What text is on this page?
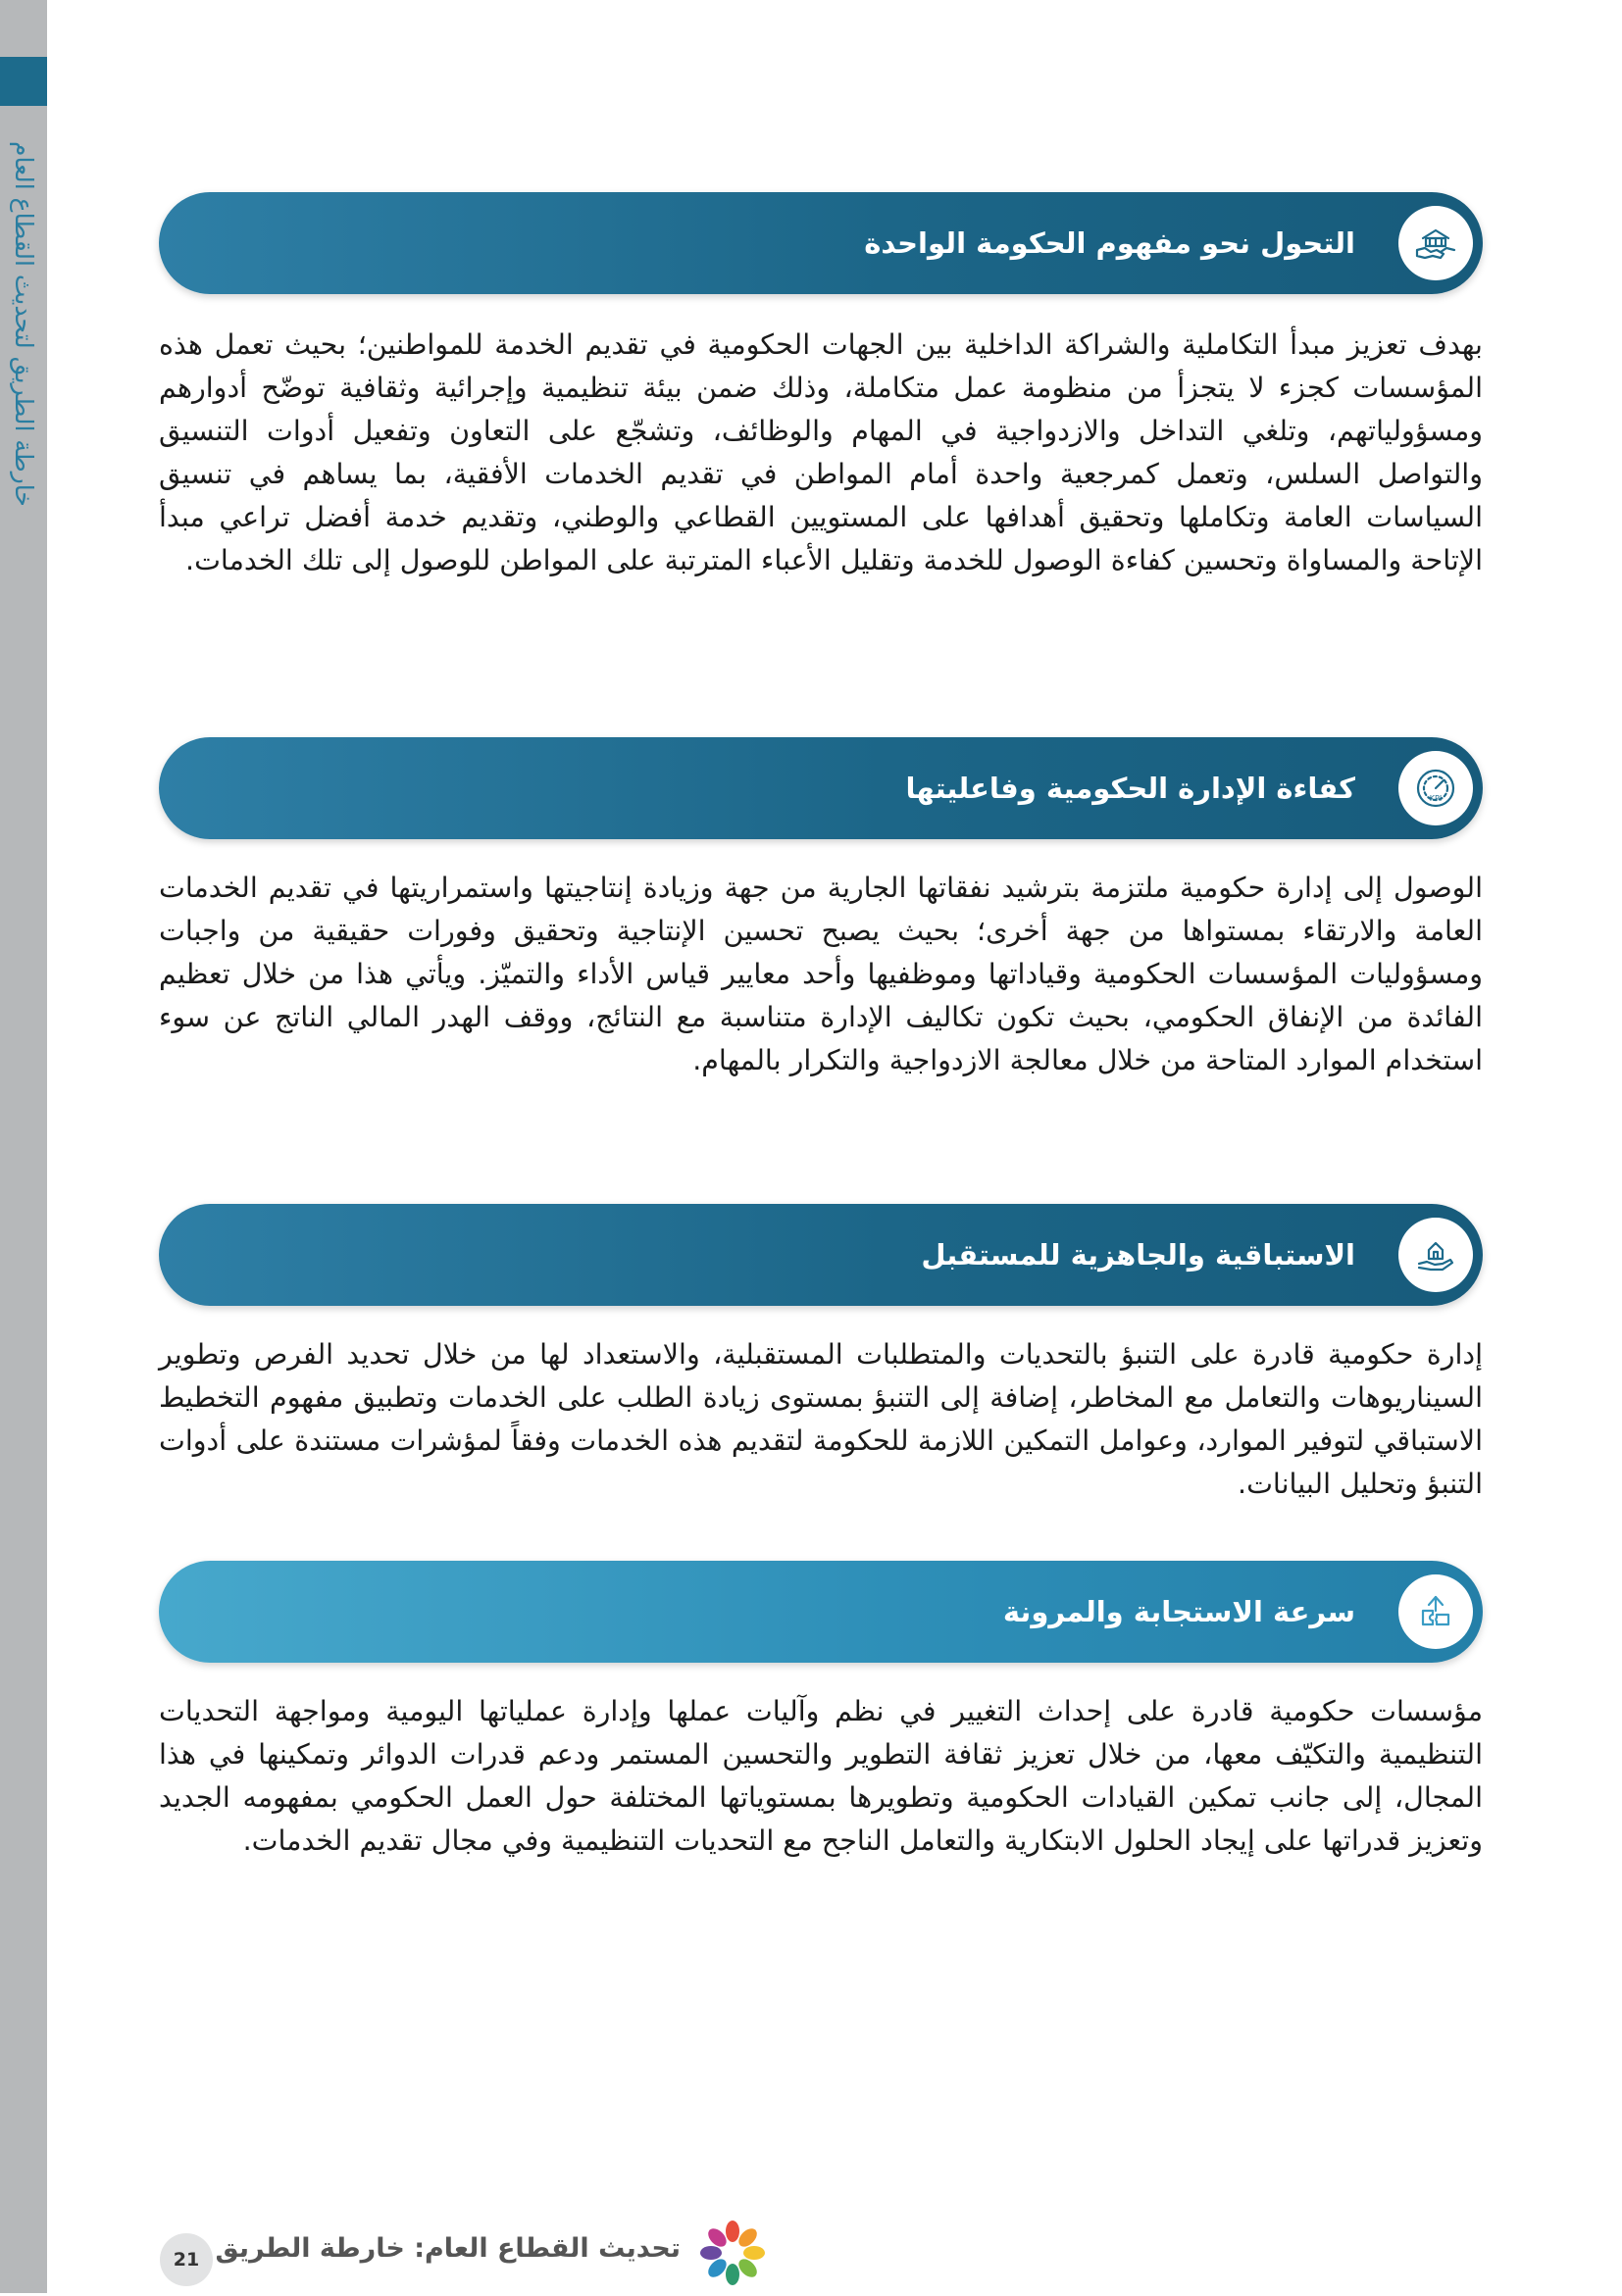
خارطة الطريق لتحديث القطاع العام	التحول نحو مفهوم الحكومة الواحدة

بهدف تعزيز مبدأ التكاملية والشراكة الداخلية بين الجهات الحكومية في تقديم الخدمة للمواطنين؛ بحيث تعمل هذه المؤسسات كجزء لا يتجزأ من منظومة عمل متكاملة، وذلك ضمن بيئة تنظيمية وإجرائية وثقافية توضّح أدوارهم ومسؤولياتهم، وتلغي التداخل والازدواجية في المهام والوظائف، وتشجّع على التعاون وتفعيل أدوات التنسيق والتواصل السلس، وتعمل كمرجعية واحدة أمام المواطن في تقديم الخدمات الأفقية، بما يساهم في تنسيق السياسات العامة وتكاملها وتحقيق أهدافها على المستويين القطاعي والوطني، وتقديم خدمة أفضل تراعي مبدأ الإتاحة والمساواة وتحسين كفاءة الوصول للخدمة وتقليل الأعباء المترتبة على المواطن للوصول إلى تلك الخدمات.

كفاءة الإدارة الحكومية وفاعليتها	KPI

الوصول إلى إدارة حكومية ملتزمة بترشيد نفقاتها الجارية من جهة وزيادة إنتاجيتها واستمراريتها في تقديم الخدمات العامة والارتقاء بمستواها من جهة أخرى؛ بحيث يصبح تحسين الإنتاجية وتحقيق وفورات حقيقية من واجبات ومسؤوليات المؤسسات الحكومية وقياداتها وموظفيها وأحد معايير قياس الأداء والتميّز. ويأتي هذا من خلال تعظيم الفائدة من الإنفاق الحكومي، بحيث تكون تكاليف الإدارة متناسبة مع النتائج، ووقف الهدر المالي الناتج عن سوء استخدام الموارد المتاحة من خلال معالجة الازدواجية والتكرار بالمهام.

الاستباقية والجاهزية للمستقبل

إدارة حكومية قادرة على التنبؤ بالتحديات والمتطلبات المستقبلية، والاستعداد لها من خلال تحديد الفرص وتطوير السيناريوهات والتعامل مع المخاطر، إضافة إلى التنبؤ بمستوى زيادة الطلب على الخدمات وتطبيق مفهوم التخطيط الاستباقي لتوفير الموارد، وعوامل التمكين اللازمة للحكومة لتقديم هذه الخدمات وفقاً لمؤشرات مستندة على أدوات التنبؤ وتحليل البيانات.

سرعة الاستجابة والمرونة

مؤسسات حكومية قادرة على إحداث التغيير في نظم وآليات عملها وإدارة عملياتها اليومية ومواجهة التحديات التنظيمية والتكيّف معها، من خلال تعزيز ثقافة التطوير والتحسين المستمر ودعم قدرات الدوائر وتمكينها في هذا المجال، إلى جانب تمكين القيادات الحكومية وتطويرها بمستوياتها المختلفة حول العمل الحكومي بمفهومه الجديد وتعزيز قدراتها على إيجاد الحلول الابتكارية والتعامل الناجح مع التحديات التنظيمية وفي مجال تقديم الخدمات.

تحديث القطاع العام: خارطة الطريق
21
